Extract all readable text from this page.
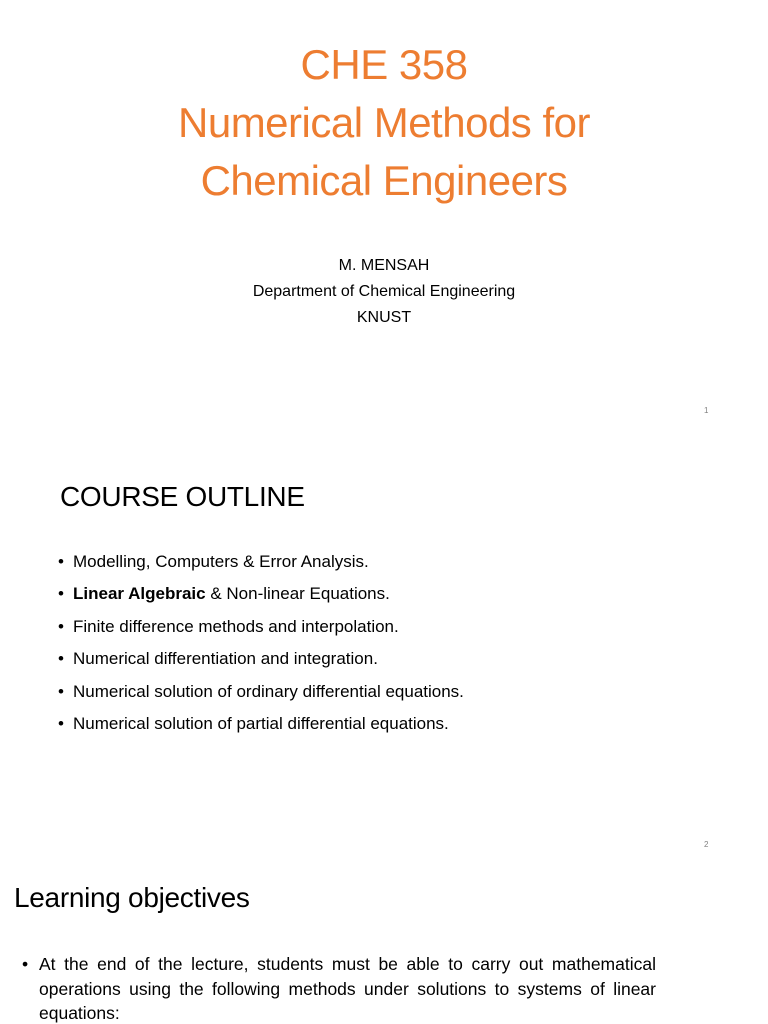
CHE 358
Numerical Methods for
Chemical Engineers
M. MENSAH
Department of Chemical Engineering
KNUST
1
COURSE OUTLINE
• Modelling, Computers & Error Analysis.
• Linear Algebraic & Non-linear Equations.
• Finite difference methods and interpolation.
• Numerical differentiation and integration.
• Numerical solution of ordinary differential equations.
• Numerical solution of partial differential equations.
2
Learning objectives
• At the end of the lecture, students must be able to carry out mathematical operations using the following methods under solutions to systems of linear equations:
